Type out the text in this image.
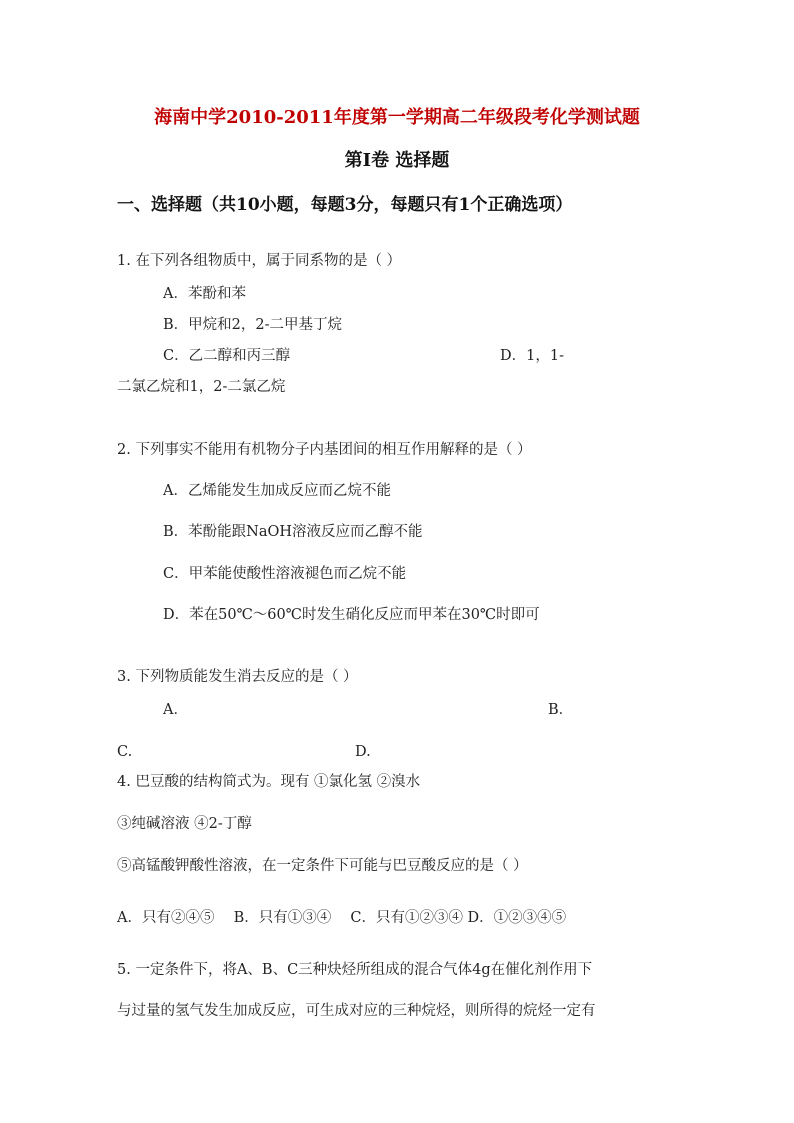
海南中学2010-2011年度第一学期高二年级段考化学测试题
第I卷 选择题
一、选择题（共10小题，每题3分，每题只有1个正确选项）
1. 在下列各组物质中，属于同系物的是（ ）
A．苯酚和苯
B．甲烷和2，2-二甲基丁烷
C．乙二醇和丙三醇	D．1，1-
二氯乙烷和1，2-二氯乙烷
2. 下列事实不能用有机物分子内基团间的相互作用解释的是（ ）
A．乙烯能发生加成反应而乙烷不能
B．苯酚能跟NaOH溶液反应而乙醇不能
C．甲苯能使酸性溶液褪色而乙烷不能
D．苯在50℃～60℃时发生硝化反应而甲苯在30℃时即可
3. 下列物质能发生消去反应的是（ ）
A．	B．
C.	D.
4. 巴豆酸的结构简式为。现有 ①氯化氢 ②溴水
③纯碱溶液 ④2-丁醇
⑤高锰酸钾酸性溶液，在一定条件下可能与巴豆酸反应的是（ ）
A．只有②④⑤　 B．只有①③④　 C．只有①②③④ D．①②③④⑤
5. 一定条件下，将A、B、C三种炔烃所组成的混合气体4g在催化剂作用下
与过量的氢气发生加成反应，可生成对应的三种烷烃，则所得的烷烃一定有
